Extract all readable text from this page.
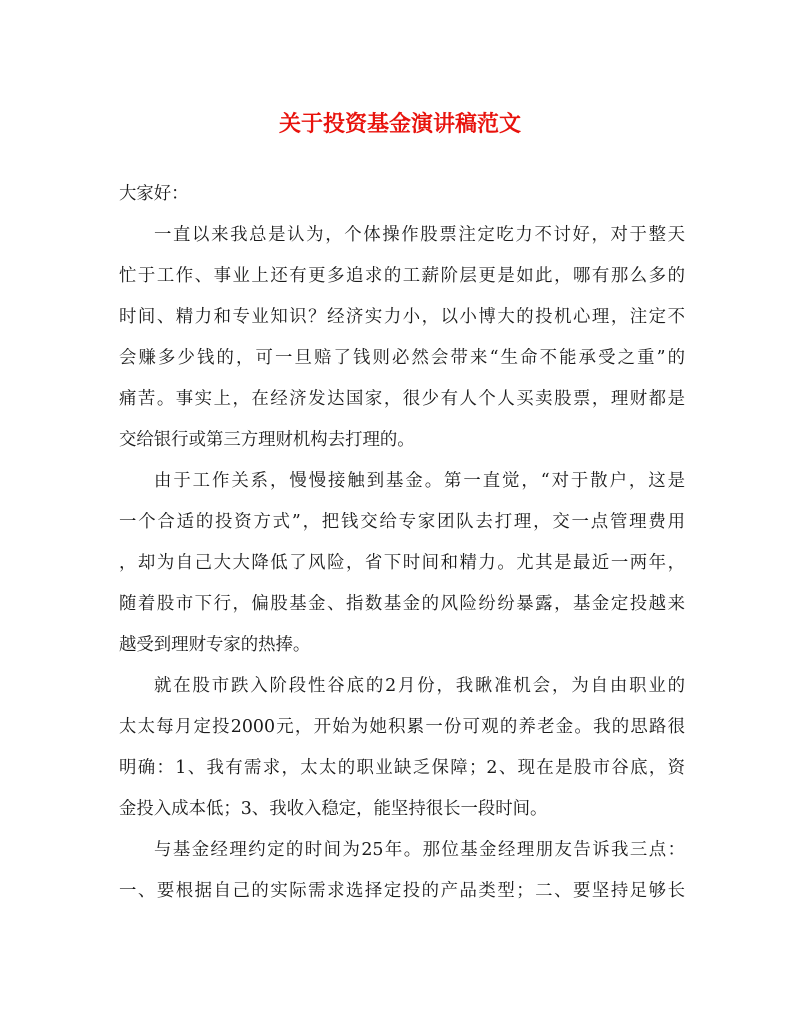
关于投资基金演讲稿范文

大家好：

一直以来我总是认为，个体操作股票注定吃力不讨好，对于整天
忙于工作、事业上还有更多追求的工薪阶层更是如此，哪有那么多的
时间、精力和专业知识？经济实力小，以小博大的投机心理，注定不
会赚多少钱的，可一旦赔了钱则必然会带来“生命不能承受之重”的
痛苦。事实上，在经济发达国家，很少有人个人买卖股票，理财都是
交给银行或第三方理财机构去打理的。
由于工作关系，慢慢接触到基金。第一直觉，“对于散户，这是
一个合适的投资方式”，把钱交给专家团队去打理，交一点管理费用
，却为自己大大降低了风险，省下时间和精力。尤其是最近一两年，
随着股市下行，偏股基金、指数基金的风险纷纷暴露，基金定投越来
越受到理财专家的热捧。
就在股市跌入阶段性谷底的2月份，我瞅准机会，为自由职业的
太太每月定投2000元，开始为她积累一份可观的养老金。我的思路很
明确：1、我有需求，太太的职业缺乏保障；2、现在是股市谷底，资
金投入成本低；3、我收入稳定，能坚持很长一段时间。
与基金经理约定的时间为25年。那位基金经理朋友告诉我三点：
一、要根据自己的实际需求选择定投的产品类型；二、要坚持足够长
